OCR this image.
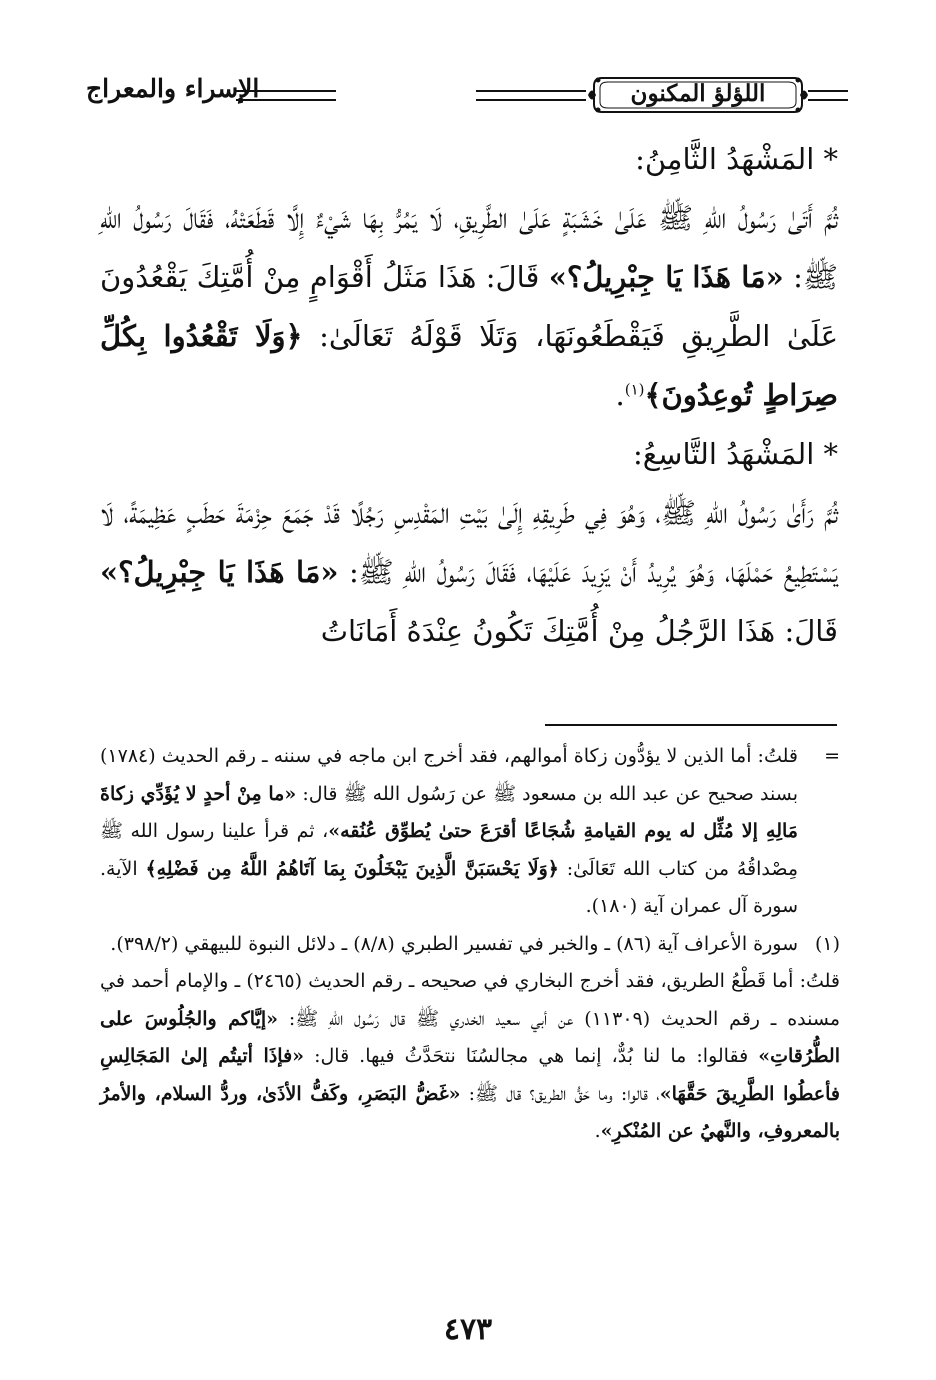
الإسراء والمعراج	اللؤلؤ المكنون

* المَشْهَدُ الثَّامِنُ:

ثُمَّ أَتَىٰ رَسُولُ اللهِ ﷺ عَلَىٰ خَشَبَةٍ عَلَىٰ الطَّرِيقِ، لَا يَمُرُّ بِهَا شَيْءٌ إِلَّا قَطَعَتْهُ، فَقَالَ رَسُولُ اللهِ ﷺ: «مَا هَذَا يَا جِبْرِيلُ؟» قَالَ: هَذَا مَثَلُ أَقْوَامٍ مِنْ أُمَّتِكَ يَقْعُدُونَ عَلَىٰ الطَّرِيقِ فَيَقْطَعُونَهَا، وَتَلَا قَوْلَهُ تَعَالَىٰ: ﴿وَلَا تَقْعُدُوا بِكُلِّ صِرَاطٍ تُوعِدُونَ﴾$^{(١)}$.

* المَشْهَدُ التَّاسِعُ:

ثُمَّ رَأَىٰ رَسُولُ اللهِ ﷺ، وَهُوَ فِي طَرِيقِهِ إِلَىٰ بَيْتِ المَقْدِسِ رَجُلًا قَدْ جَمَعَ حِزْمَةَ حَطَبٍ عَظِيمَةً، لَا يَسْتَطِيعُ حَمْلَهَا، وَهُوَ يُرِيدُ أَنْ يَزِيدَ عَلَيْهَا، فَقَالَ رَسُولُ اللهِ ﷺ: «مَا هَذَا يَا جِبْرِيلُ؟» قَالَ: هَذَا الرَّجُلُ مِنْ أُمَّتِكَ تَكُونُ عِنْدَهُ أَمَانَاتُ

=
قلتُ: أما الذين لا يؤدُّون زكاة أموالهم، فقد أخرج ابن ماجه في سننه ـ رقم الحديث (١٧٨٤) بسند صحيح عن عبد الله بن مسعود ﷺ عن رَسُول الله ﷺ قال: «ما مِنْ أحدٍ لا يُؤَدِّي زكاةَ مَالِهِ إلا مُثِّل له يوم القيامةِ شُجَاعًا أقرَعَ حتىٰ يُطوِّق عُنُقه»، ثم قرأ علينا رسول الله ﷺ مِصْداقُهُ من كتاب الله تَعَالَىٰ: ﴿وَلَا يَحْسَبَنَّ الَّذِينَ يَبْخَلُونَ بِمَا آتَاهُمُ اللَّهُ مِن فَضْلِهِ﴾ الآية. سورة آل عمران آية (١٨٠).

(١)
سورة الأعراف آية (٨٦) ـ والخبر في تفسير الطبري (٨/٨) ـ دلائل النبوة للبيهقي (٣٩٨/٢).

قلتُ: أما قَطْعُ الطريق، فقد أخرج البخاري في صحيحه ـ رقم الحديث (٢٤٦٥) ـ والإمام أحمد في مسنده ـ رقم الحديث (١١٣٠٩) عن أبي سعيد الخدري ﷺ قال رَسُول اللهِ ﷺ: «إيَّاكم والجُلُوسَ على الطُّرُقاتِ» فقالوا: ما لنا بُدٌّ، إنما هي مجالسُنَا نتحَدَّثُ فيها. قال: «فإذَا أتيتُم إلىٰ المَجَالِسِ فأعطُوا الطَّرِيقَ حَقَّهَا»، قالوا: وما حَقُّ الطريق؟ قال ﷺ: «غَضُّ البَصَرِ، وكَفُّ الأذَىٰ، وردُّ السلام، والأمرُ بالمعروفِ، والنَّهيُ عن المُنْكرِ».

٤٧٣
